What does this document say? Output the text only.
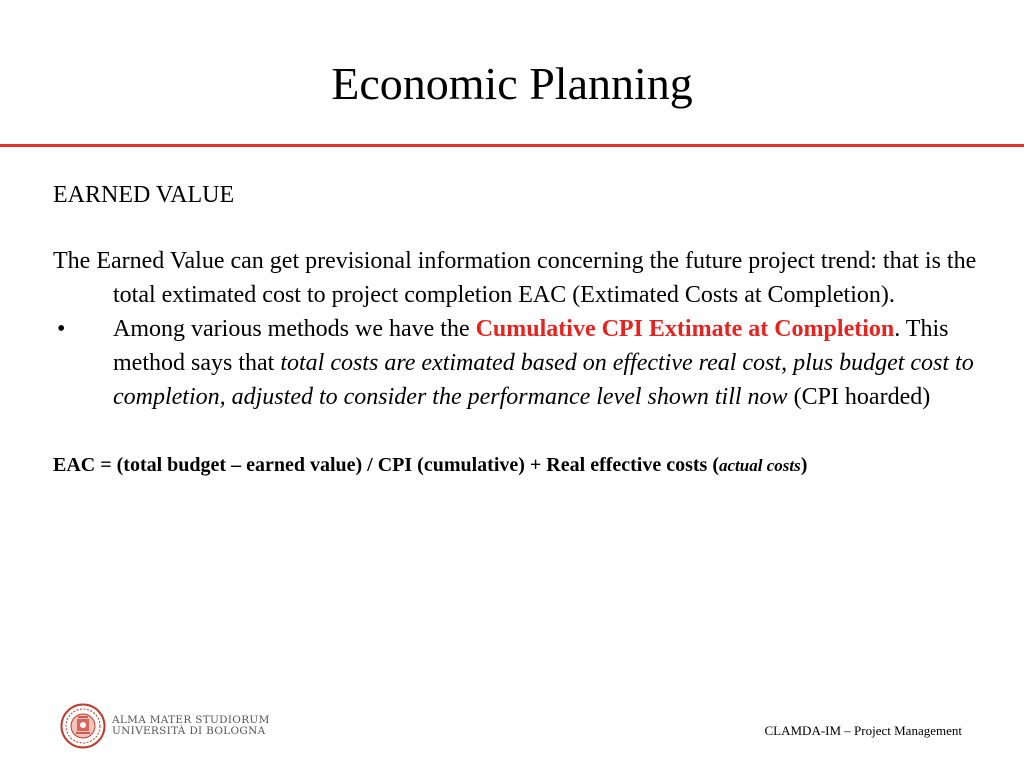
Economic Planning

EARNED VALUE

The Earned Value can get previsional information concerning the future project trend: that is the total extimated cost to project completion EAC (Extimated Costs at Completion).

•	Among various methods we have the Cumulative CPI Extimate at Completion. This method says that total costs are extimated based on effective real cost, plus budget cost to completion, adjusted to consider the performance level shown till now (CPI hoarded)

EAC = (total budget – earned value) / CPI (cumulative) + Real effective costs (actual costs)

ALMA MATER STUDIORUM
UNIVERSITÀ DI BOLOGNA	CLAMDA-IM – Project Management
